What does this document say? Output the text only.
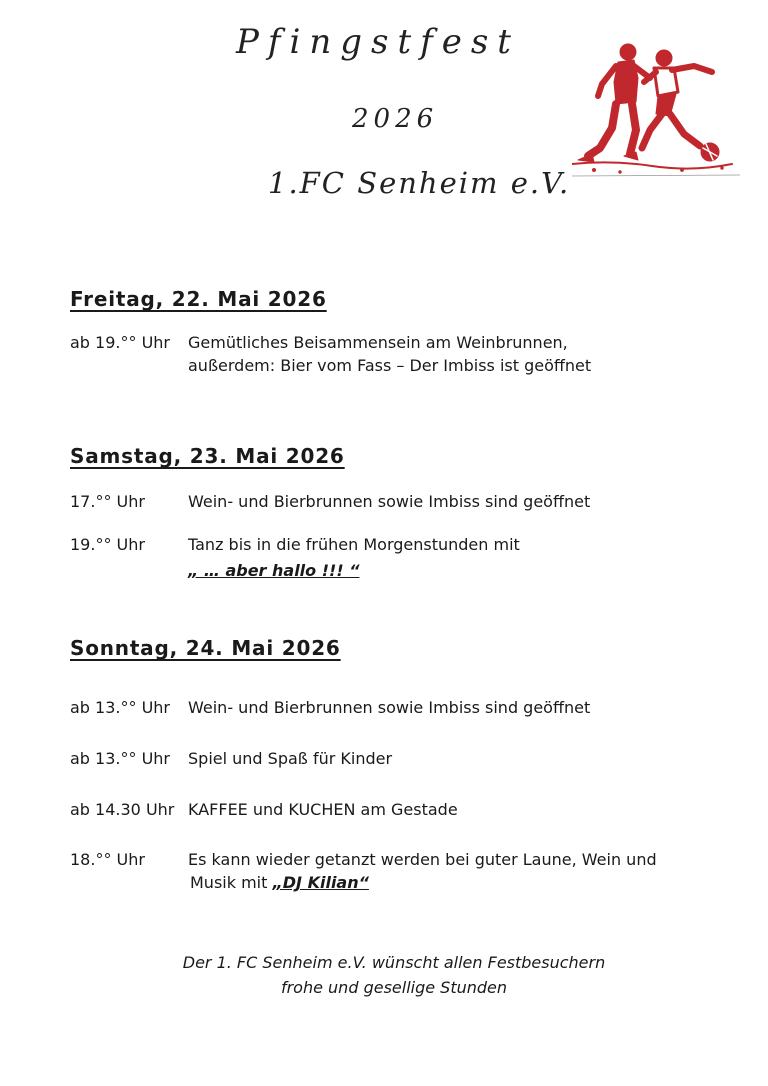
Pfingstfest
2026
1.FC Senheim e.V.
Freitag, 22. Mai 2026
ab 19.°° Uhr Gemütliches Beisammensein am Weinbrunnen,
außerdem: Bier vom Fass – Der Imbiss ist geöffnet
Samstag, 23. Mai 2026
17.°° Uhr	Wein- und Bierbrunnen sowie Imbiss sind geöffnet
19.°° Uhr	Tanz bis in die frühen Morgenstunden mit
„ … aber hallo !!! “
Sonntag, 24. Mai 2026
ab 13.°° Uhr Wein- und Bierbrunnen sowie Imbiss sind geöffnet
ab 13.°° Uhr Spiel und Spaß für Kinder
ab 14.30 Uhr KAFFEE und KUCHEN am Gestade
18.°° Uhr	Es kann wieder getanzt werden bei guter Laune, Wein und
Musik mit „DJ Kilian“
Der 1. FC Senheim e.V. wünscht allen Festbesuchern
frohe und gesellige Stunden
